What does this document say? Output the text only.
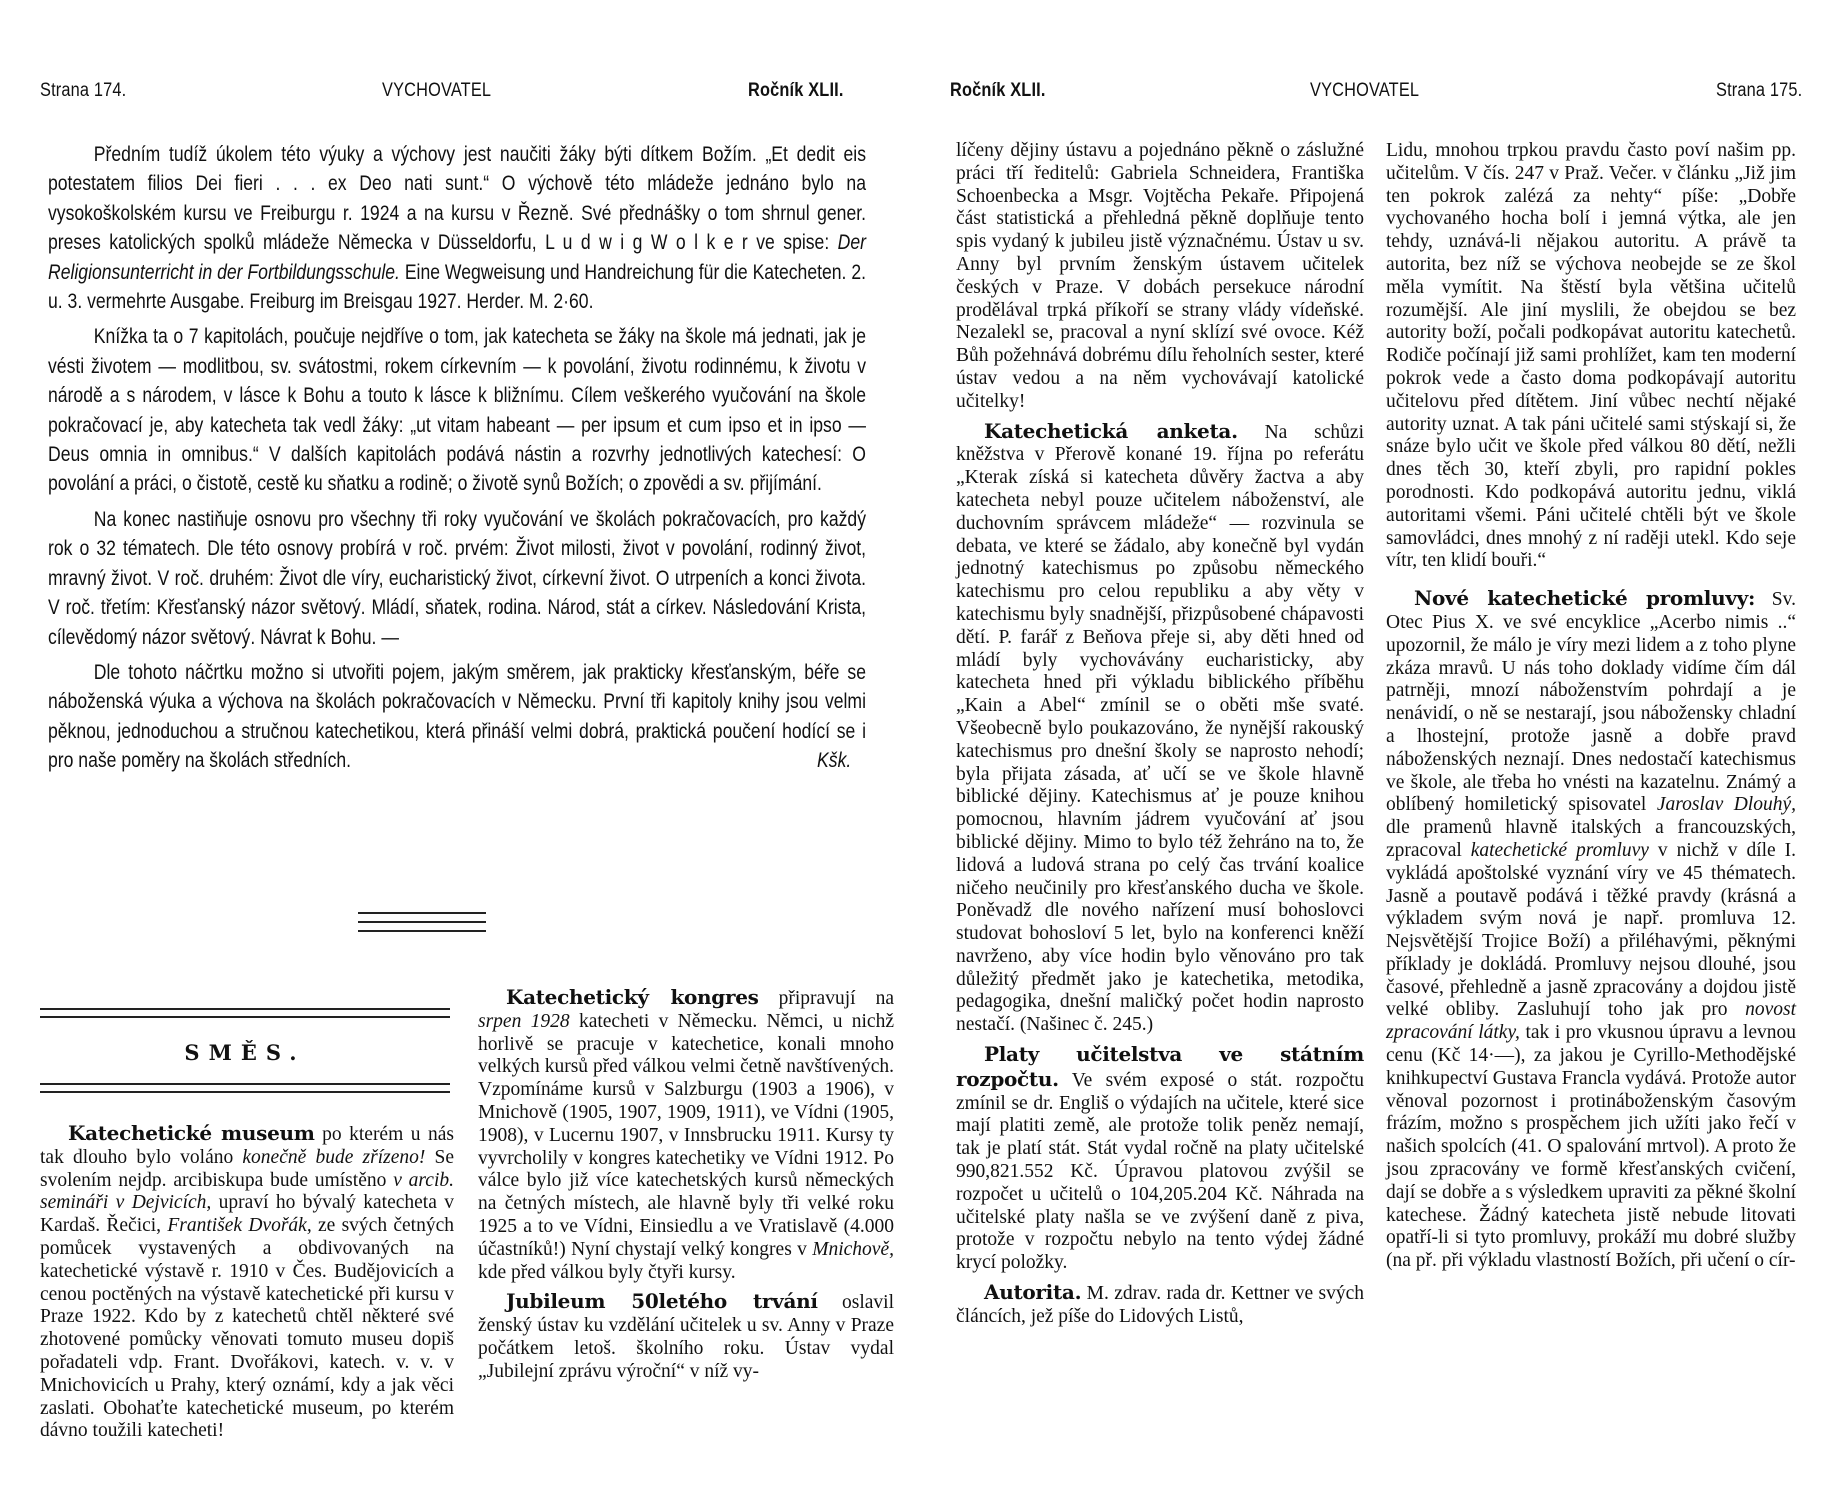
Strana 174.	VYCHOVATEL	Ročník XLII.

Předním tudíž úkolem této výuky a výchovy jest naučiti žáky býti dítkem Božím. „Et dedit eis potestatem filios Dei fieri . . . ex Deo nati sunt.“ O výchově této mládeže jednáno bylo na vysokoškolském kursu ve Freiburgu r. 1924 a na kursu v Řezně. Své přednášky o tom shrnul gener. preses katolických spolků mládeže Německa v Düsseldorfu, L u d w i g W o l k e r ve spise: Der Religionsunterricht in der Fortbildungsschule. Eine Wegweisung und Handreichung für die Katecheten. 2. u. 3. vermehrte Ausgabe. Freiburg im Breisgau 1927. Herder. M. 2·60.

Knížka ta o 7 kapitolách, poučuje nejdříve o tom, jak katecheta se žáky na škole má jednati, jak je vésti životem — modlitbou, sv. svátostmi, rokem církevním — k povolání, životu rodinnému, k životu v národě a s národem, v lásce k Bohu a touto k lásce k bližnímu. Cílem veškerého vyučování na škole pokračovací je, aby katecheta tak vedl žáky: „ut vitam habeant — per ipsum et cum ipso et in ipso — Deus omnia in omnibus.“ V dalších kapitolách podává nástin a rozvrhy jednotlivých katechesí: O povolání a práci, o čistotě, cestě ku sňatku a rodině; o životě synů Božích; o zpovědi a sv. přijímání.

Na konec nastiňuje osnovu pro všechny tři roky vyučování ve školách pokračovacích, pro každý rok o 32 tématech. Dle této osnovy probírá v roč. prvém: Život milosti, život v povolání, rodinný život, mravný život. V roč. druhém: Život dle víry, eucharistický život, církevní život. O utrpeních a konci života. V roč. třetím: Křesťanský názor světový. Mládí, sňatek, rodina. Národ, stát a církev. Následování Krista, cílevědomý názor světový. Návrat k Bohu. —

Dle tohoto náčrtku možno si utvořiti pojem, jakým směrem, jak prakticky křesťanským, béře se náboženská výuka a výchova na školách pokračovacích v Německu. První tři kapitoly knihy jsou velmi pěknou, jednoduchou a stručnou katechetikou, která přináší velmi dobrá, praktická poučení hodící se i pro naše poměry na školách středních.	Kšk.

SMĚS.

Katechetické museum po kterém u nás tak dlouho bylo voláno konečně bude zřízeno! Se svolením nejdp. arcibiskupa bude umístěno v arcib. semináři v Dejvicích, upraví ho bývalý katecheta v Kardaš. Řečici, František Dvořák, ze svých četných pomůcek vystavených a obdivovaných na katechetické výstavě r. 1910 v Čes. Budějovicích a cenou poctěných na výstavě katechetické při kursu v Praze 1922. Kdo by z katechetů chtěl některé své zhotovené pomůcky věnovati tomuto museu dopiš pořadateli vdp. Frant. Dvořákovi, katech. v. v. v Mnichovicích u Prahy, který oznámí, kdy a jak věci zaslati. Obohaťte katechetické museum, po kterém dávno toužili katecheti!

Katechetický kongres připravují na srpen 1928 katecheti v Německu. Němci, u nichž horlivě se pracuje v katechetice, konali mnoho velkých kursů před válkou velmi četně navštívených. Vzpomínáme kursů v Salzburgu (1903 a 1906), v Mnichově (1905, 1907, 1909, 1911), ve Vídni (1905, 1908), v Lucernu 1907, v Innsbrucku 1911. Kursy ty vyvrcholily v kongres katechetiky ve Vídni 1912. Po válce bylo již více katechetských kursů německých na četných místech, ale hlavně byly tři velké roku 1925 a to ve Vídni, Einsiedlu a ve Vratislavě (4.000 účastníků!) Nyní chystají velký kongres v Mnichově, kde před válkou byly čtyři kursy.

Jubileum 50letého trvání oslavil ženský ústav ku vzdělání učitelek u sv. Anny v Praze počátkem letoš. školního roku. Ústav vydal „Jubilejní zprávu výroční“ v níž vy-

Ročník XLII.	VYCHOVATEL	Strana 175.

líčeny dějiny ústavu a pojednáno pěkně o záslužné práci tří ředitelů: Gabriela Schneidera, Františka Schoenbecka a Msgr. Vojtěcha Pekaře. Připojená část statistická a přehledná pěkně doplňuje tento spis vydaný k jubileu jistě význačnému. Ústav u sv. Anny byl prvním ženským ústavem učitelek českých v Praze. V dobách persekuce národní prodělával trpká příkoří se strany vlády vídeňské. Nezalekl se, pracoval a nyní sklízí své ovoce. Kéž Bůh požehnává dobrému dílu řeholních sester, které ústav vedou a na něm vychovávají katolické učitelky!

Katechetická anketa. Na schůzi kněžstva v Přerově konané 19. října po referátu „Kterak získá si katecheta důvěry žactva a aby katecheta nebyl pouze učitelem náboženství, ale duchovním správcem mládeže“ — rozvinula se debata, ve které se žádalo, aby konečně byl vydán jednotný katechismus po způsobu německého katechismu pro celou republiku a aby věty v katechismu byly snadnější, přizpůsobené chápavosti dětí. P. farář z Beňova přeje si, aby děti hned od mládí byly vychovávány eucharisticky, aby katecheta hned při výkladu biblického příběhu „Kain a Abel“ zmínil se o oběti mše svaté. Všeobecně bylo poukazováno, že nynější rakouský katechismus pro dnešní školy se naprosto nehodí; byla přijata zásada, ať učí se ve škole hlavně biblické dějiny. Katechismus ať je pouze knihou pomocnou, hlavním jádrem vyučování ať jsou biblické dějiny. Mimo to bylo též žehráno na to, že lidová a ludová strana po celý čas trvání koalice ničeho neučinily pro křesťanského ducha ve škole. Poněvadž dle nového nařízení musí bohoslovci studovat bohosloví 5 let, bylo na konferenci kněží navrženo, aby více hodin bylo věnováno pro tak důležitý předmět jako je katechetika, metodika, pedagogika, dnešní maličký počet hodin naprosto nestačí. (Našinec č. 245.)

Platy učitelstva ve státním rozpočtu. Ve svém exposé o stát. rozpočtu zmínil se dr. Engliš o výdajích na učitele, které sice mají platiti země, ale protože tolik peněz nemají, tak je platí stát. Stát vydal ročně na platy učitelské 990,821.552 Kč. Úpravou platovou zvýšil se rozpočet u učitelů o 104,205.204 Kč. Náhrada na učitelské platy našla se ve zvýšení daně z piva, protože v rozpočtu nebylo na tento výdej žádné krycí položky.

Autorita. M. zdrav. rada dr. Kettner ve svých článcích, jež píše do Lidových Listů,

Lidu, mnohou trpkou pravdu často poví našim pp. učitelům. V čís. 247 v Praž. Večer. v článku „Již jim ten pokrok zalézá za nehty“ píše: „Dobře vychovaného hocha bolí i jemná výtka, ale jen tehdy, uznává-li nějakou autoritu. A právě ta autorita, bez níž se výchova neobejde se ze škol měla vymítit. Na štěstí byla většina učitelů rozumější. Ale jiní myslili, že obejdou se bez autority boží, počali podkopávat autoritu katechetů. Rodiče počínají již sami prohlížet, kam ten moderní pokrok vede a často doma podkopávají autoritu učitelovu před dítětem. Jiní vůbec nechtí nějaké autority uznat. A tak páni učitelé sami stýskají si, že snáze bylo učit ve škole před válkou 80 dětí, nežli dnes těch 30, kteří zbyli, pro rapidní pokles porodnosti. Kdo podkopává autoritu jednu, viklá autoritami všemi. Páni učitelé chtěli být ve škole samovládci, dnes mnohý z ní raději utekl. Kdo seje vítr, ten klidí bouři.“

Nové katechetické promluvy: Sv. Otec Pius X. ve své encyklice „Acerbo nimis ..“ upozornil, že málo je víry mezi lidem a z toho plyne zkáza mravů. U nás toho doklady vidíme čím dál patrněji, mnozí náboženstvím pohrdají a je nenávidí, o ně se nestarají, jsou nábožensky chladní a lhostejní, protože jasně a dobře pravd náboženských neznají. Dnes nedostačí katechismus ve škole, ale třeba ho vnésti na kazatelnu. Známý a oblíbený homiletický spisovatel Jaroslav Dlouhý, dle pramenů hlavně italských a francouzských, zpracoval katechetické promluvy v nichž v díle I. vykládá apoštolské vyznání víry ve 45 thématech. Jasně a poutavě podává i těžké pravdy (krásná a výkladem svým nová je např. promluva 12. Nejsvětější Trojice Boží) a přiléhavými, pěknými příklady je dokládá. Promluvy nejsou dlouhé, jsou časové, přehledně a jasně zpracovány a dojdou jistě velké obliby. Zasluhují toho jak pro novost zpracování látky, tak i pro vkusnou úpravu a levnou cenu (Kč 14·—), za jakou je Cyrillo-Methodějské knihkupectví Gustava Francla vydává. Protože autor věnoval pozornost i protináboženským časovým frázím, možno s prospěchem jich užíti jako řečí v našich spolcích (41. O spalování mrtvol). A proto že jsou zpracovány ve formě křesťanských cvičení, dají se dobře a s výsledkem upraviti za pěkné školní katechese. Žádný katecheta jistě nebude litovati opatří-li si tyto promluvy, prokáží mu dobré služby (na př. při výkladu vlastností Božích, při učení o cír-
